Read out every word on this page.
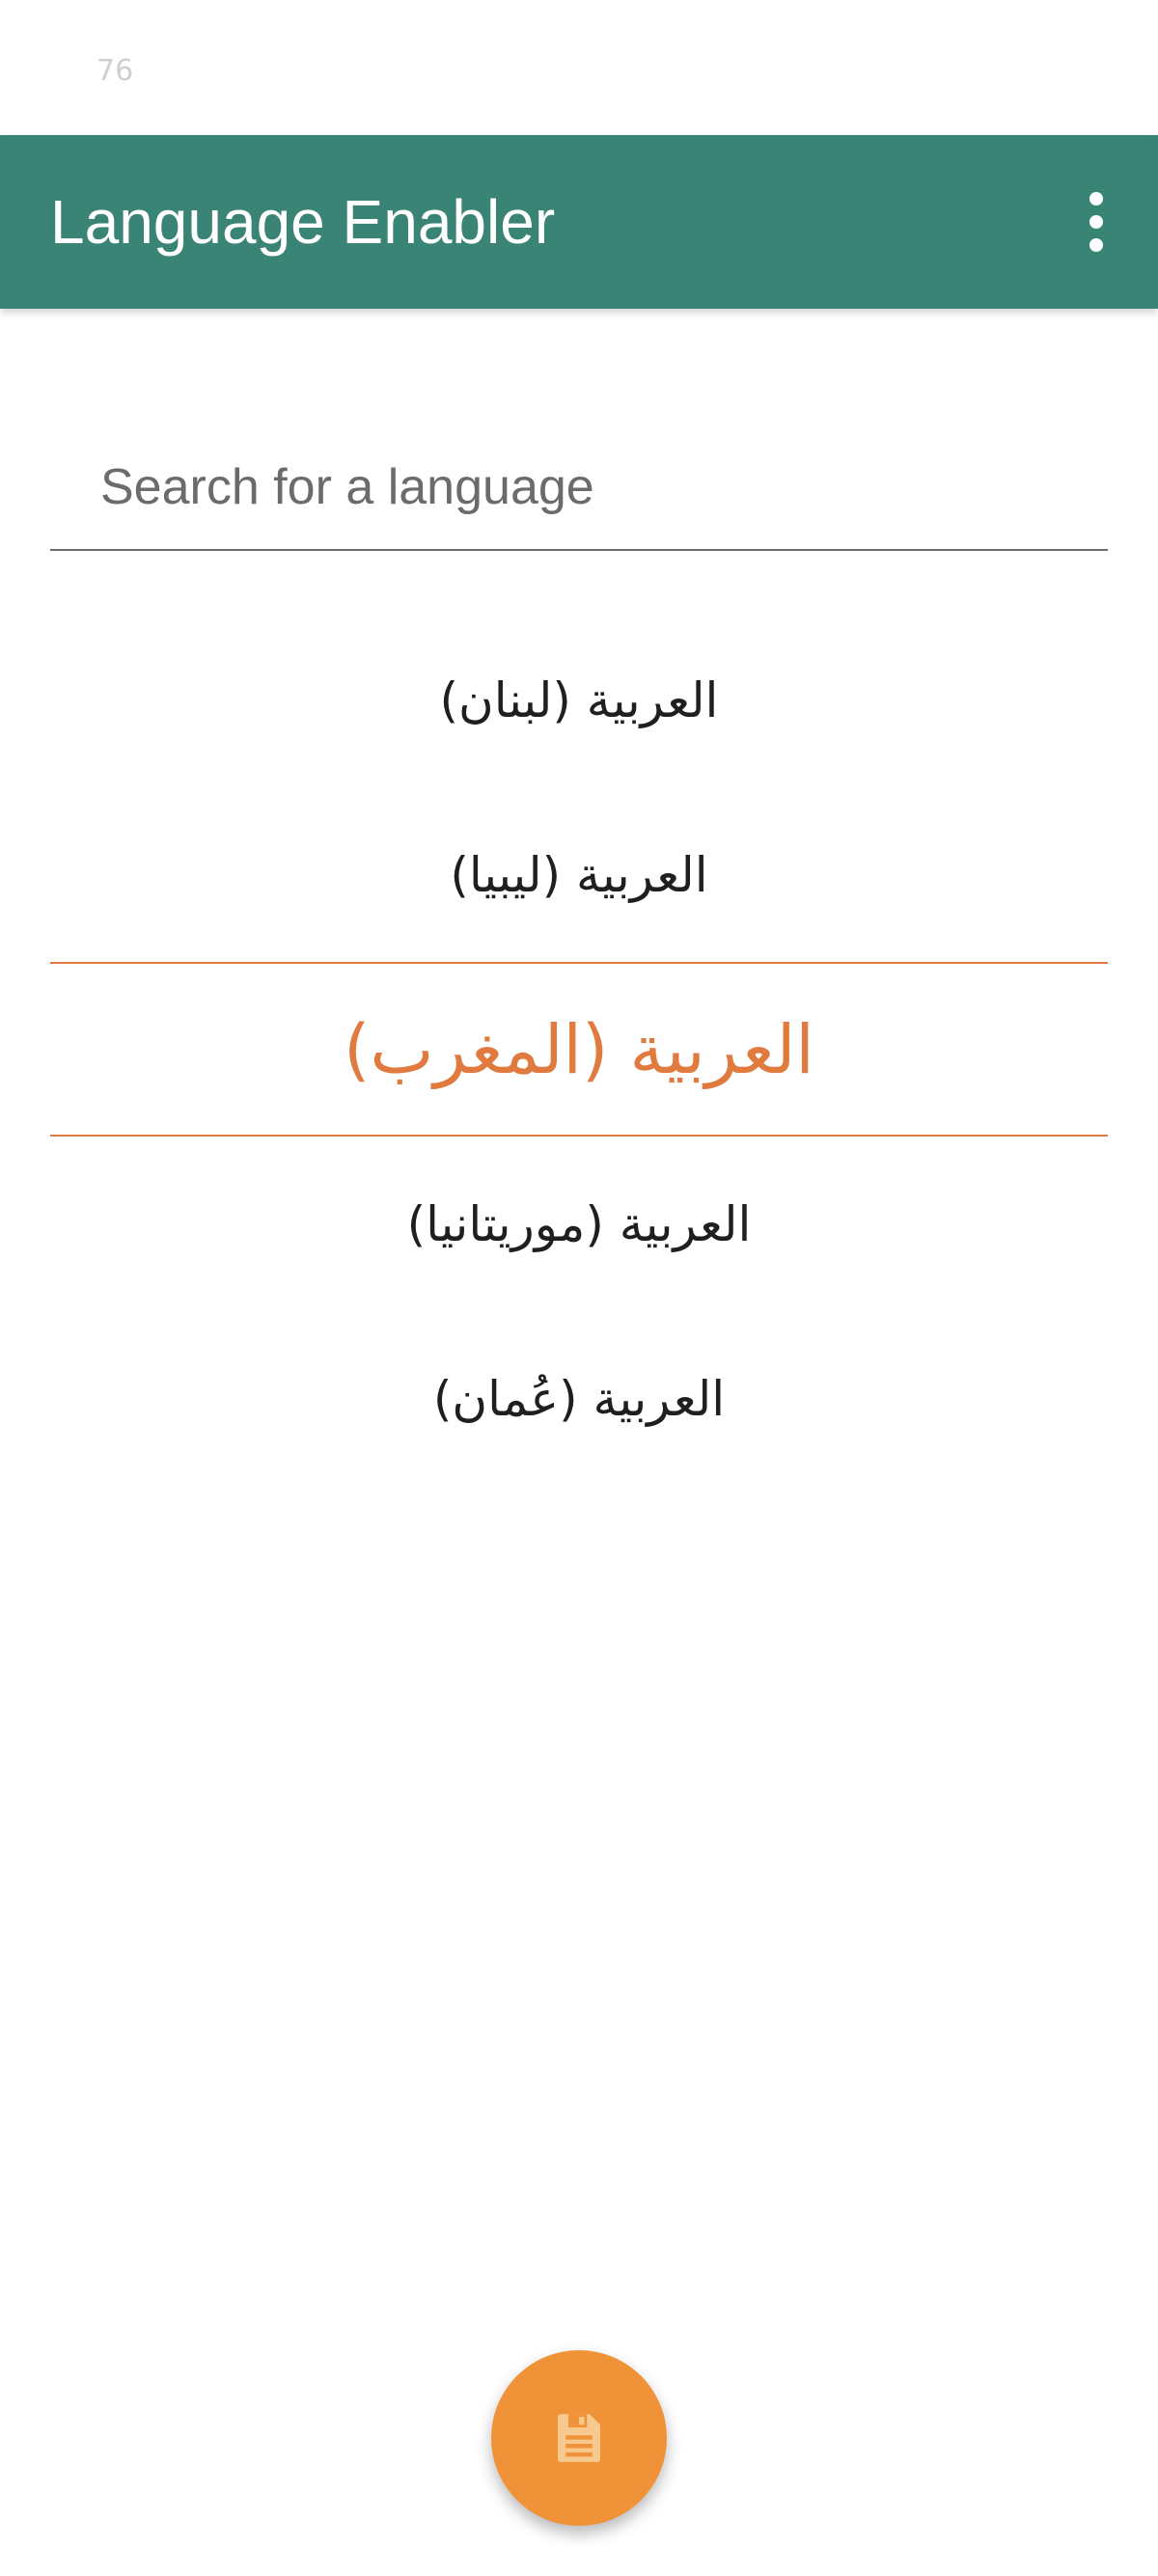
76
Language Enabler
Search for a language
العربية (لبنان)
العربية (ليبيا)
العربية (المغرب)
العربية (موريتانيا)
العربية (عُمان)
